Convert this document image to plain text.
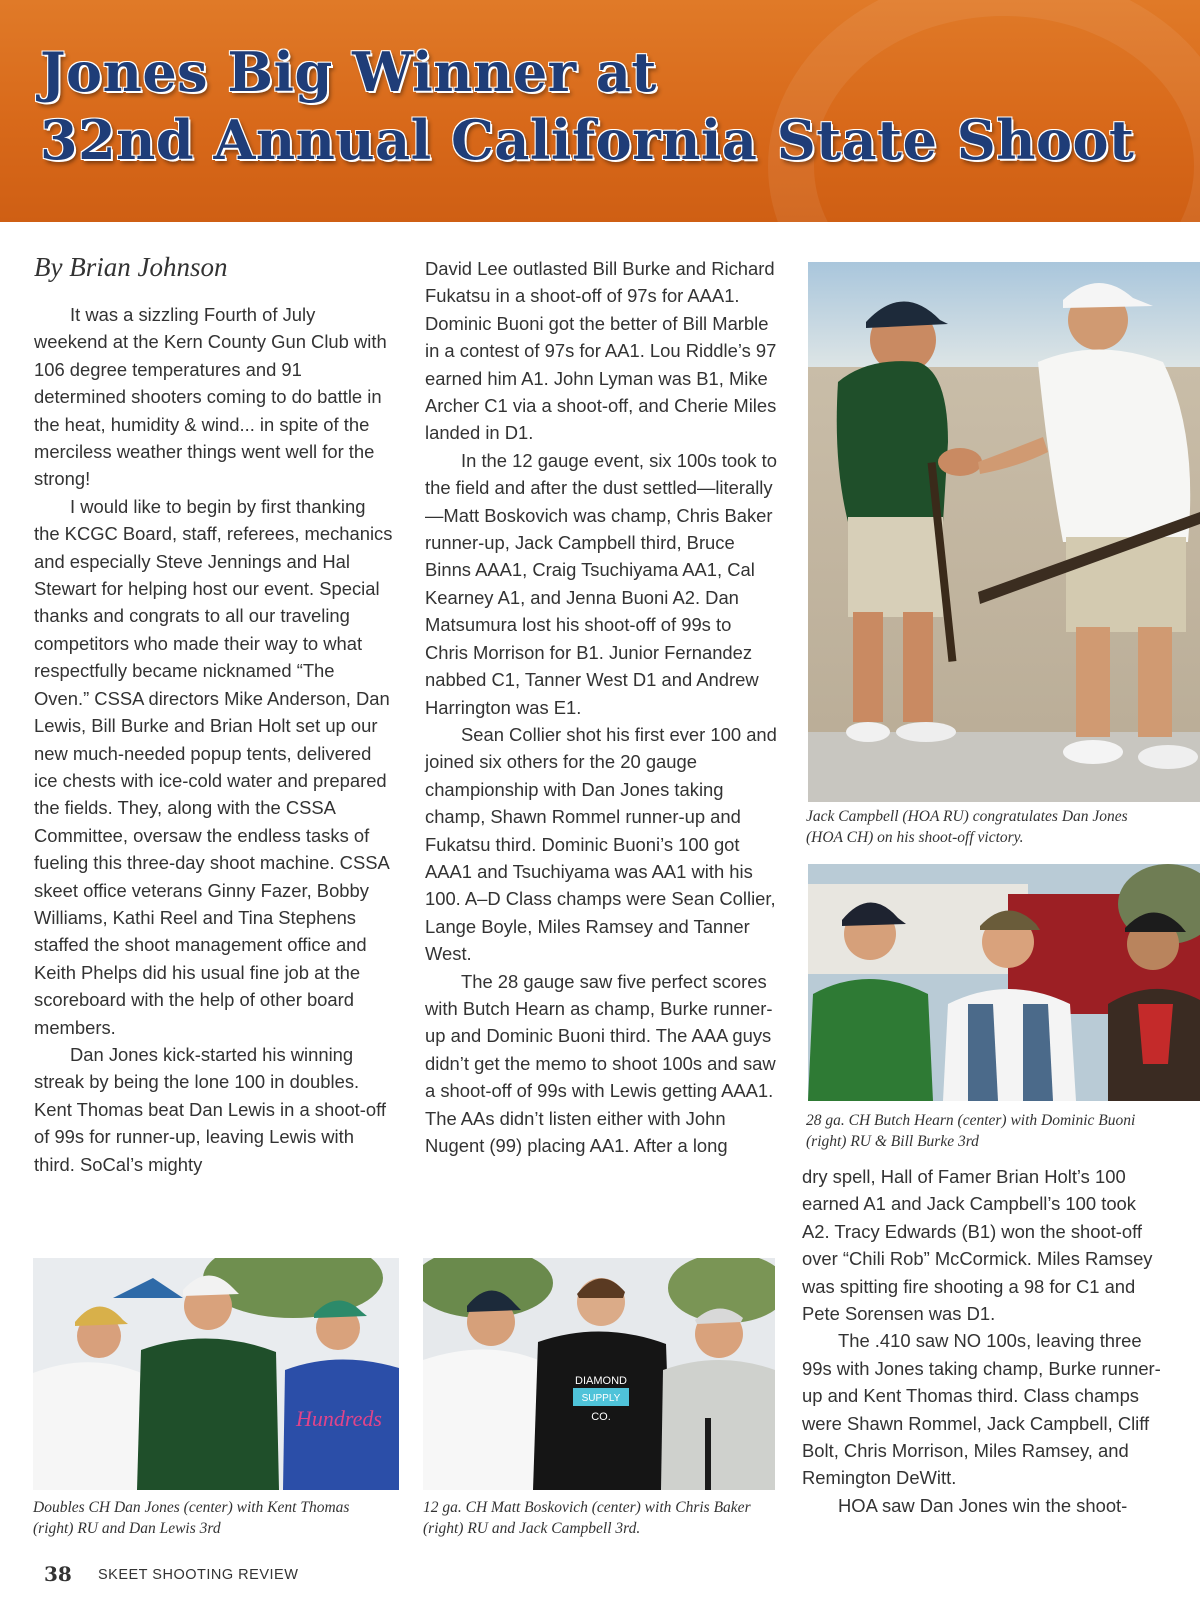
Jones Big Winner at
32nd Annual California State Shoot
By Brian Johnson

It was a sizzling Fourth of July weekend at the Kern County Gun Club with 106 degree temperatures and 91 determined shooters coming to do battle in the heat, humidity & wind... in spite of the merciless weather things went well for the strong!

I would like to begin by first thanking the KCGC Board, staff, referees, mechanics and especially Steve Jennings and Hal Stewart for helping host our event. Special thanks and congrats to all our traveling competitors who made their way to what respectfully became nicknamed “The Oven.” CSSA directors Mike Anderson, Dan Lewis, Bill Burke and Brian Holt set up our new much-needed popup tents, delivered ice chests with ice-cold water and prepared the fields. They, along with the CSSA Committee, oversaw the endless tasks of fueling this three-day shoot machine. CSSA skeet office veterans Ginny Fazer, Bobby Williams, Kathi Reel and Tina Stephens staffed the shoot management office and Keith Phelps did his usual fine job at the scoreboard with the help of other board members.

Dan Jones kick-started his winning streak by being the lone 100 in doubles. Kent Thomas beat Dan Lewis in a shoot-off of 99s for runner-up, leaving Lewis with third. SoCal’s mighty

David Lee outlasted Bill Burke and Richard Fukatsu in a shoot-off of 97s for AAA1. Dominic Buoni got the better of Bill Marble in a contest of 97s for AA1. Lou Riddle’s 97 earned him A1. John Lyman was B1, Mike Archer C1 via a shoot-off, and Cherie Miles landed in D1.

In the 12 gauge event, six 100s took to the field and after the dust settled—literally—Matt Boskovich was champ, Chris Baker runner-up, Jack Campbell third, Bruce Binns AAA1, Craig Tsuchiyama AA1, Cal Kearney A1, and Jenna Buoni A2. Dan Matsumura lost his shoot-off of 99s to Chris Morrison for B1. Junior Fernandez nabbed C1, Tanner West D1 and Andrew Harrington was E1.

Sean Collier shot his first ever 100 and joined six others for the 20 gauge championship with Dan Jones taking champ, Shawn Rommel runner-up and Fukatsu third. Dominic Buoni’s 100 got AAA1 and Tsuchiyama was AA1 with his 100. A–D Class champs were Sean Collier, Lange Boyle, Miles Ramsey and Tanner West.

The 28 gauge saw five perfect scores with Butch Hearn as champ, Burke runner-up and Dominic Buoni third. The AAA guys didn’t get the memo to shoot 100s and saw a shoot-off of 99s with Lewis getting AAA1. The AAs didn’t listen either with John Nugent (99) placing AA1. After a long

dry spell, Hall of Famer Brian Holt’s 100 earned A1 and Jack Campbell’s 100 took A2. Tracy Edwards (B1) won the shoot-off over “Chili Rob” McCormick. Miles Ramsey was spitting fire shooting a 98 for C1 and Pete Sorensen was D1.

The .410 saw NO 100s, leaving three 99s with Jones taking champ, Burke runner-up and Kent Thomas third. Class champs were Shawn Rommel, Jack Campbell, Cliff Bolt, Chris Morrison, Miles Ramsey, and Remington DeWitt.

HOA saw Dan Jones win the shoot-

Jack Campbell (HOA RU) congratulates Dan Jones (HOA CH) on his shoot-off victory.
28 ga. CH Butch Hearn (center) with Dominic Buoni (right) RU & Bill Burke 3rd
Hundreds
Doubles CH Dan Jones (center) with Kent Thomas (right) RU and Dan Lewis 3rd
DIAMOND
SUPPLY
CO.
12 ga. CH Matt Boskovich (center) with Chris Baker (right) RU and Jack Campbell 3rd.
38 SKEET SHOOTING REVIEW
